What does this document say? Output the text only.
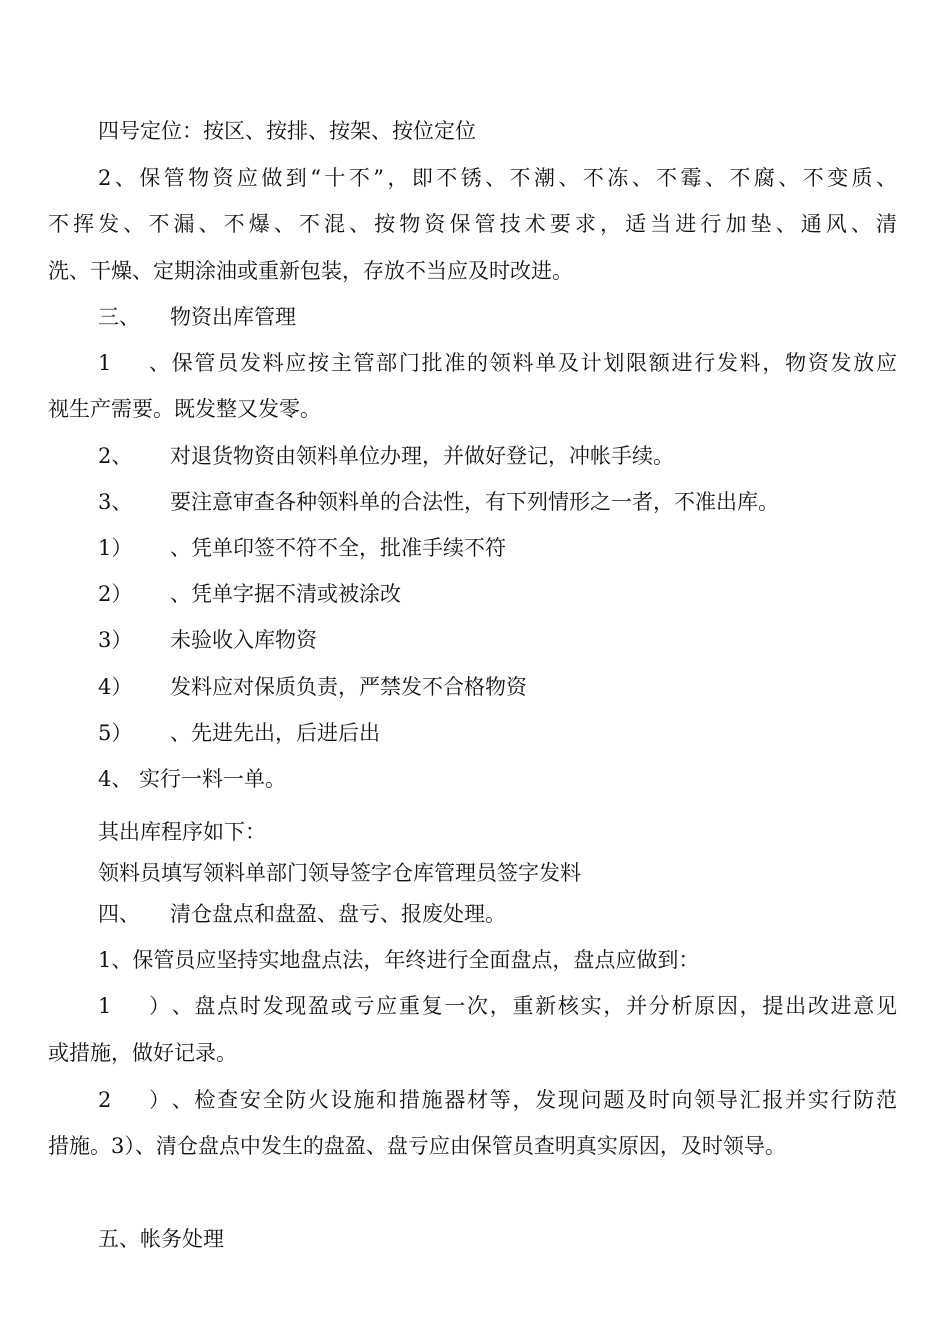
四号定位：按区、按排、按架、按位定位
2、保管物资应做到“十不”，即不锈、不潮、不冻、不霉、不腐、不变质、
不挥发、不漏、不爆、不混、按物资保管技术要求，适当进行加垫、通风、清
洗、干燥、定期涂油或重新包装，存放不当应及时改进。
三、 物资出库管理
1、保管员发料应按主管部门批准的领料单及计划限额进行发料，物资发放应
视生产需要。既发整又发零。
2、 对退货物资由领料单位办理，并做好登记，冲帐手续。
3、 要注意审查各种领料单的合法性，有下列情形之一者，不准出库。
1） 、凭单印签不符不全，批准手续不符
2） 、凭单字据不清或被涂改
3） 未验收入库物资
4） 发料应对保质负责，严禁发不合格物资
5） 、先进先出，后进后出
4、 实行一料一单。
其出库程序如下：
领料员填写领料单部门领导签字仓库管理员签字发料
四、 清仓盘点和盘盈、盘亏、报废处理。
1、保管员应坚持实地盘点法，年终进行全面盘点，盘点应做到：
1）、盘点时发现盈或亏应重复一次，重新核实，并分析原因，提出改进意见
或措施，做好记录。
2）、检查安全防火设施和措施器材等，发现问题及时向领导汇报并实行防范
措施。3）、清仓盘点中发生的盘盈、盘亏应由保管员查明真实原因，及时领导。
五、帐务处理
